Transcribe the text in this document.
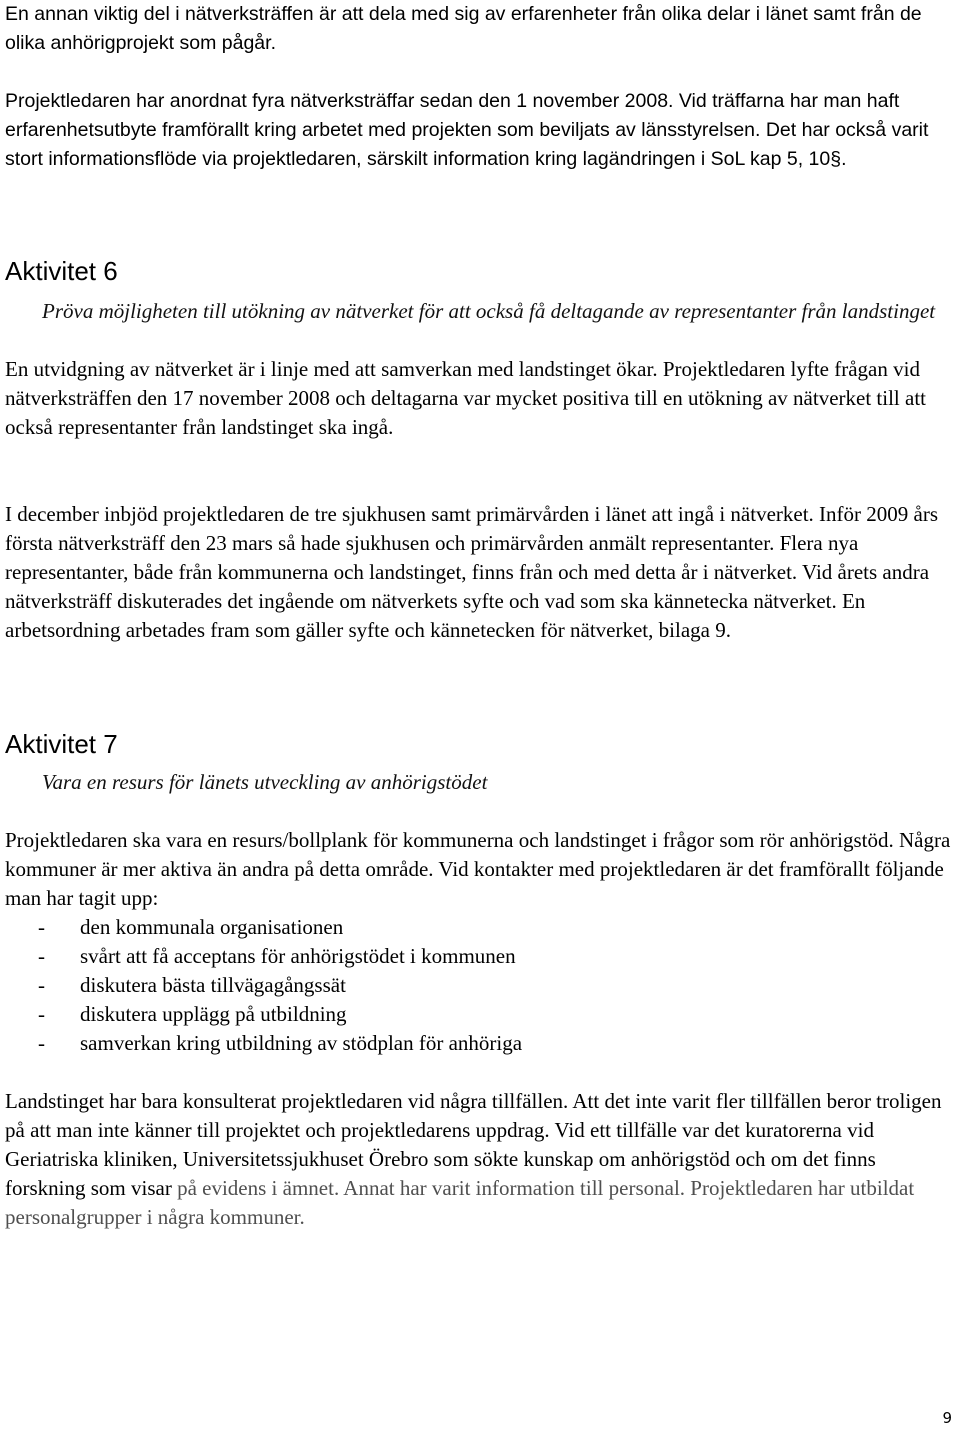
En annan viktig del i nätverksträffen är att dela med sig av erfarenheter från olika delar i länet samt från de olika anhörigprojekt som pågår.

Projektledaren har anordnat fyra nätverksträffar sedan den 1 november 2008. Vid träffarna har man haft erfarenhetsutbyte framförallt kring arbetet med projekten som beviljats av länsstyrelsen. Det har också varit stort informationsflöde via projektledaren, särskilt information kring lagändringen i SoL kap 5, 10§.

Aktivitet 6

Pröva möjligheten till utökning av nätverket för att också få deltagande av representanter från landstinget

En utvidgning av nätverket är i linje med att samverkan med landstinget ökar. Projektledaren lyfte frågan vid nätverksträffen den 17 november 2008 och deltagarna var mycket positiva till en utökning av nätverket till att också representanter från landstinget ska ingå.

I december inbjöd projektledaren de tre sjukhusen samt primärvården i länet att ingå i nätverket. Inför 2009 års första nätverksträff den 23 mars så hade sjukhusen och primärvården anmält representanter. Flera nya representanter, både från kommunerna och landstinget, finns från och med detta år i nätverket. Vid årets andra nätverksträff diskuterades det ingående om nätverkets syfte och vad som ska kännetecka nätverket. En arbetsordning arbetades fram som gäller syfte och kännetecken för nätverket, bilaga 9.

Aktivitet 7

Vara en resurs för länets utveckling av anhörigstödet

Projektledaren ska vara en resurs/bollplank för kommunerna och landstinget i frågor som rör anhörigstöd. Några kommuner är mer aktiva än andra på detta område. Vid kontakter med projektledaren är det framförallt följande man har tagit upp:

- den kommunala organisationen
- svårt att få acceptans för anhörigstödet i kommunen
- diskutera bästa tillvägagångssät
- diskutera upplägg på utbildning
- samverkan kring utbildning av stödplan för anhöriga

Landstinget har bara konsulterat projektledaren vid några tillfällen. Att det inte varit fler tillfällen beror troligen på att man inte känner till projektet och projektledarens uppdrag. Vid ett tillfälle var det kuratorerna vid Geriatriska kliniken, Universitetssjukhuset Örebro som sökte kunskap om anhörigstöd och om det finns forskning som visar på evidens i ämnet. Annat har varit information till personal. Projektledaren har utbildat personalgrupper i några kommuner.

9
